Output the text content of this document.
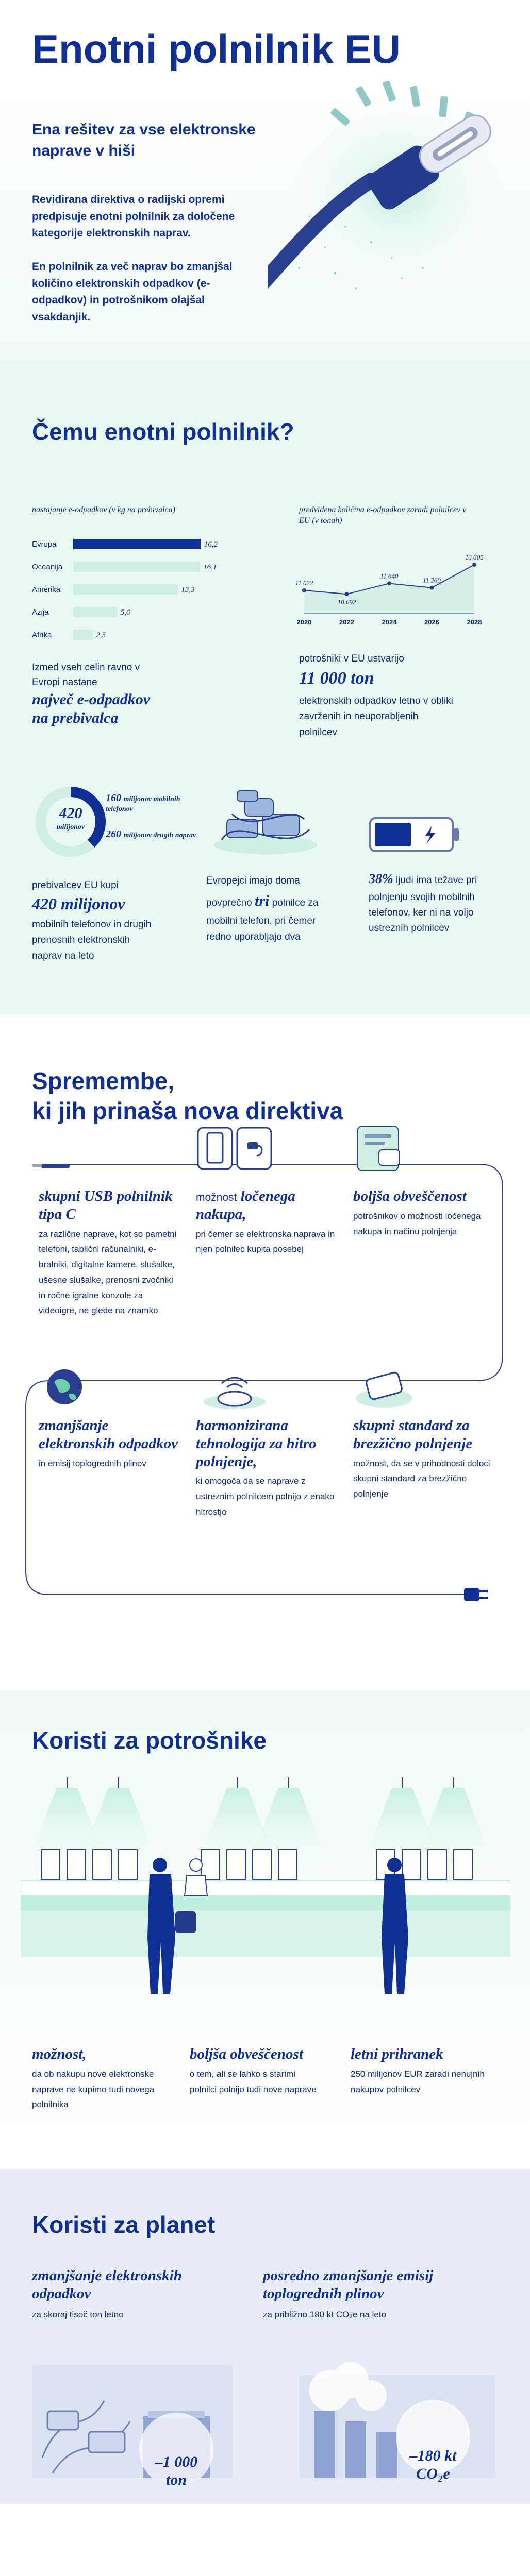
Enotni polnilnik EU
Ena rešitev za vse elektronske naprave v hiši
Revidirana direktiva o radijski opremi predpisuje enotni polnilnik za določene kategorije elektronskih naprav.
En polnilnik za več naprav bo zmanjšal količino elektronskih odpadkov (e-odpadkov) in potrošnikom olajšal vsakdanjik.
Čemu enotni polnilnik?
nastajanje e-odpadkov (v kg na prebivalca)
Evropa	16,2
Oceanija	16,1
Amerika	13,3
Azija	5,6
Afrika	2,5
Izmed vseh celin ravno v Evropi nastane
največ e-odpadkov na prebivalca
predvidena količina e-odpadkov zaradi polnilcev v EU (v tonah)
11 022
10 692
11 640
11 260
13 305
2020	2022	2024	2026	2028
potrošniki v EU ustvarijo
11 000 ton
elektronskih odpadkov letno v obliki zavrženih in neuporabljenih polnilcev
420
milijonov
160 milijonov mobilnih telefonov
260 milijonov drugih naprav
prebivalcev EU kupi
420 milijonov
mobilnih telefonov in drugih prenosnih elektronskih naprav na leto
Evropejci imajo doma povprečno tri polnilce za mobilni telefon, pri čemer redno uporabljajo dva
38% ljudi ima težave pri polnjenju svojih mobilnih telefonov, ker ni na voljo ustreznih polnilcev
Spremembe,
ki jih prinaša nova direktiva
skupni USB polnilnik tipa C
za različne naprave, kot so pametni telefoni, tablični računalniki, e-bralniki, digitalne kamere, slušalke, ušesne slušalke, prenosni zvočniki in ročne igralne konzole za videoigre, ne glede na znamko
možnost ločenega nakupa,
pri čemer se elektronska naprava in njen polnilec kupita posebej
boljša obveščenost
potrošnikov o možnosti ločenega nakupa in načinu polnjenja
zmanjšanje elektronskih odpadkov
in emisij toplogrednih plinov
harmonizirana tehnologija za hitro polnjenje,
ki omogoča da se naprave z ustreznim polnilcem polnijo z enako hitrostjo
skupni standard za brezžično polnjenje
možnost, da se v prihodnosti doloci skupni standard za brezžično polnjenje
Koristi za potrošnike
možnost,
da ob nakupu nove elektronske naprave ne kupimo tudi novega polnilnika
boljša obveščenost
o tem, ali se lahko s starimi polnilci polnijo tudi nove naprave
letni prihranek
250 milijonov EUR zaradi nenujnih nakupov polnilcev
Koristi za planet
zmanjšanje elektronskih odpadkov
za skoraj tisoč ton letno
–1 000 ton
posredno zmanjšanje emisij toplogrednih plinov
za približno 180 kt CO₂e na leto
–180 kt
CO₂e
